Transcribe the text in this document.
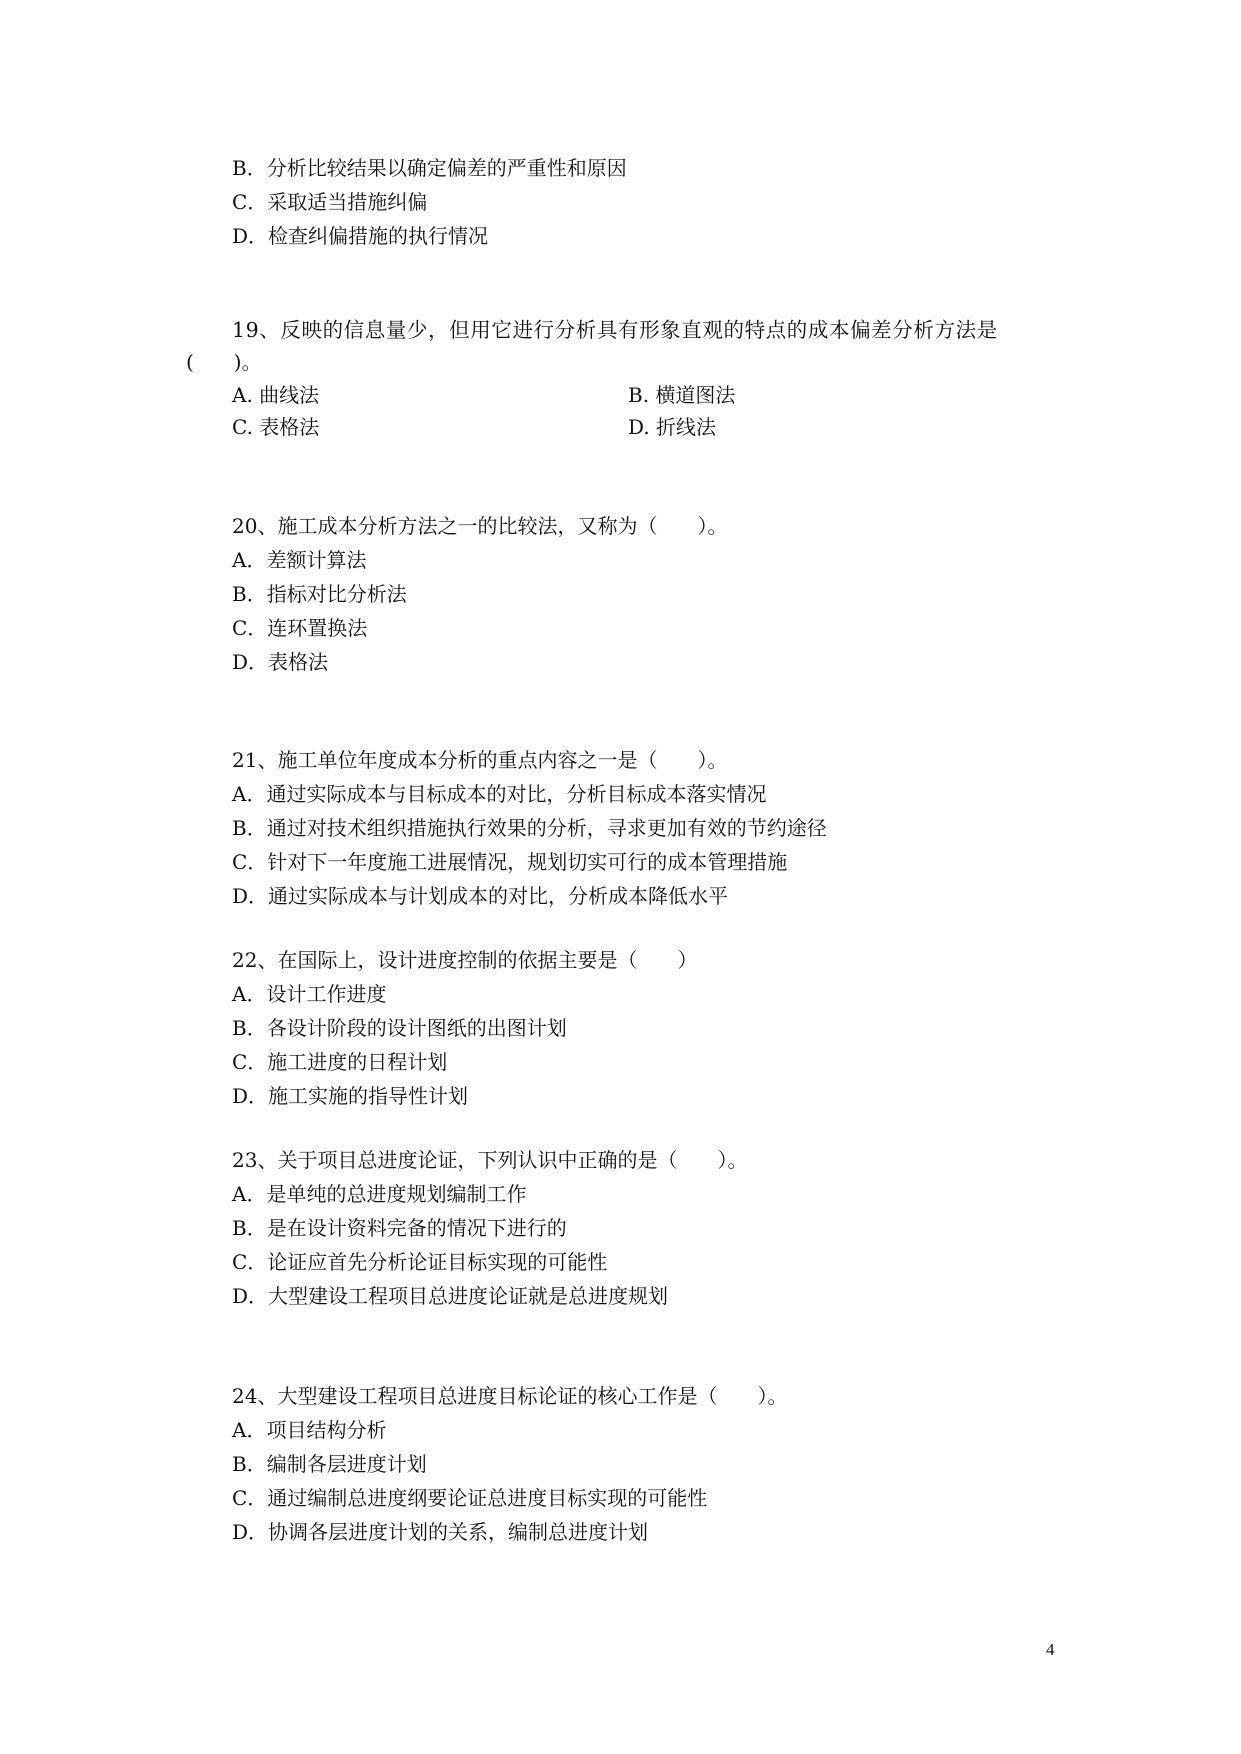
B．分析比较结果以确定偏差的严重性和原因
C．采取适当措施纠偏
D．检查纠偏措施的执行情况
19、反映的信息量少，但用它进行分析具有形象直观的特点的成本偏差分析方法是
(　　)。
A. 曲线法	B. 横道图法
C. 表格法	D. 折线法
20、施工成本分析方法之一的比较法，又称为（　　）。
A．差额计算法
B．指标对比分析法
C．连环置换法
D．表格法
21、施工单位年度成本分析的重点内容之一是（　　）。
A．通过实际成本与目标成本的对比，分析目标成本落实情况
B．通过对技术组织措施执行效果的分析，寻求更加有效的节约途径
C．针对下一年度施工进展情况，规划切实可行的成本管理措施
D．通过实际成本与计划成本的对比，分析成本降低水平
22、在国际上，设计进度控制的依据主要是（　　）
A．设计工作进度
B．各设计阶段的设计图纸的出图计划
C．施工进度的日程计划
D．施工实施的指导性计划
23、关于项目总进度论证，下列认识中正确的是（　　）。
A．是单纯的总进度规划编制工作
B．是在设计资料完备的情况下进行的
C．论证应首先分析论证目标实现的可能性
D．大型建设工程项目总进度论证就是总进度规划
24、大型建设工程项目总进度目标论证的核心工作是（　　）。
A．项目结构分析
B．编制各层进度计划
C．通过编制总进度纲要论证总进度目标实现的可能性
D．协调各层进度计划的关系，编制总进度计划
4
